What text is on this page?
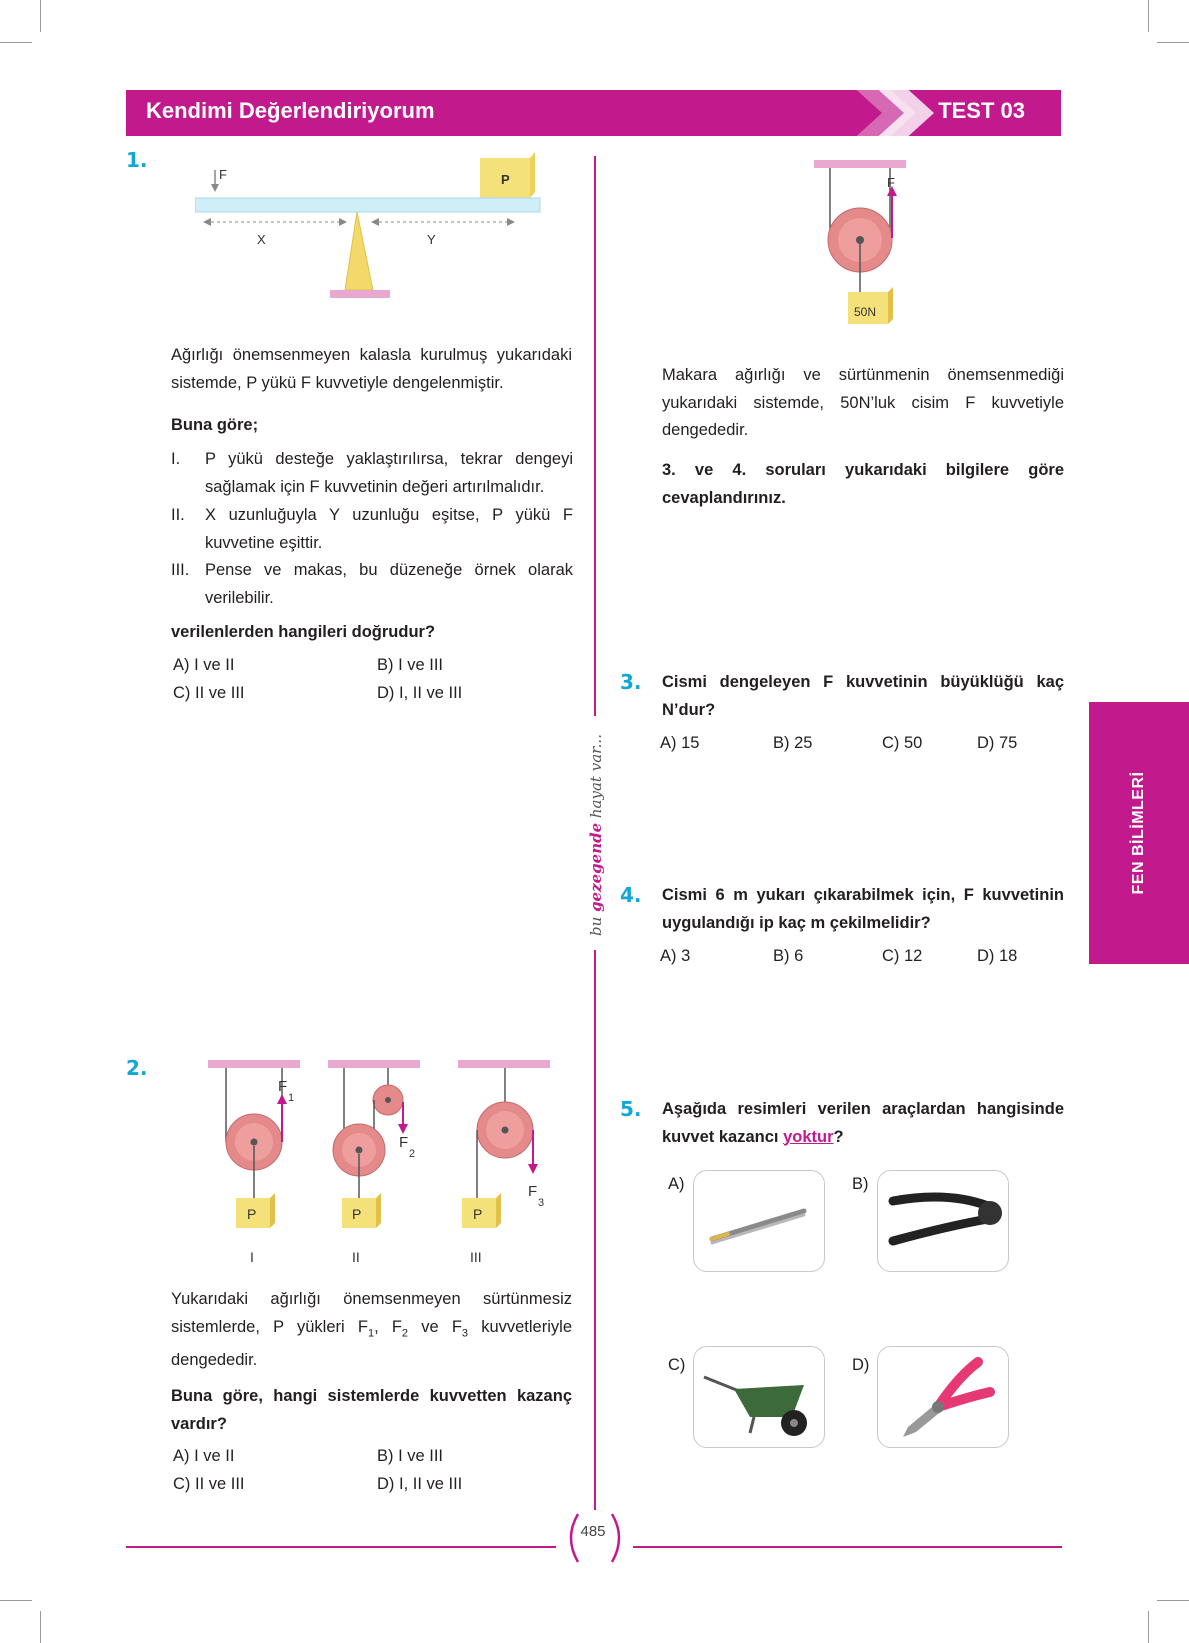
Kendimi Değerlendiriyorum	TEST 03
bu gezegende hayat var...	FEN BİLİMLERİ
1.
F	P
X	Y
Ağırlığı önemsenmeyen kalasla kurulmuş yukarıdaki sistemde, P yükü F kuvvetiyle dengelenmiştir.
Buna göre;
I. P yükü desteğe yaklaştırılırsa, tekrar dengeyi sağlamak için F kuvvetinin değeri artırılmalıdır.
II. X uzunluğuyla Y uzunluğu eşitse, P yükü F kuvvetine eşittir.
III. Pense ve makas, bu düzeneğe örnek olarak verilebilir.
verilenlerden hangileri doğrudur?
A) I ve II	B) I ve III
C) II ve III	D) I, II ve III
F
50N
Makara ağırlığı ve sürtünmenin önemsenmediği yukarıdaki sistemde, 50N’luk cisim F kuvvetiyle dengededir.
3. ve 4. soruları yukarıdaki bilgilere göre cevaplandırınız.
3. Cismi dengeleyen F kuvvetinin büyüklüğü kaç N’dur?
A) 15	B) 25	C) 50	D) 75
4. Cismi 6 m yukarı çıkarabilmek için, F kuvvetinin uygulandığı ip kaç m çekilmelidir?
A) 3	B) 6	C) 12	D) 18
2.
F
1
P
I
F
2
P
II
F
3
P
III
Yukarıdaki ağırlığı önemsenmeyen sürtünmesiz sistemlerde, P yükleri $F_1$, $F_2$ ve $F_3$ kuvvetleriyle dengededir.
Buna göre, hangi sistemlerde kuvvetten kazanç vardır?
A) I ve II	B) I ve III
C) II ve III	D) I, II ve III
5. Aşağıda resimleri verilen araçlardan hangisinde kuvvet kazancı yoktur?
A)	B)
C)	D)
485
